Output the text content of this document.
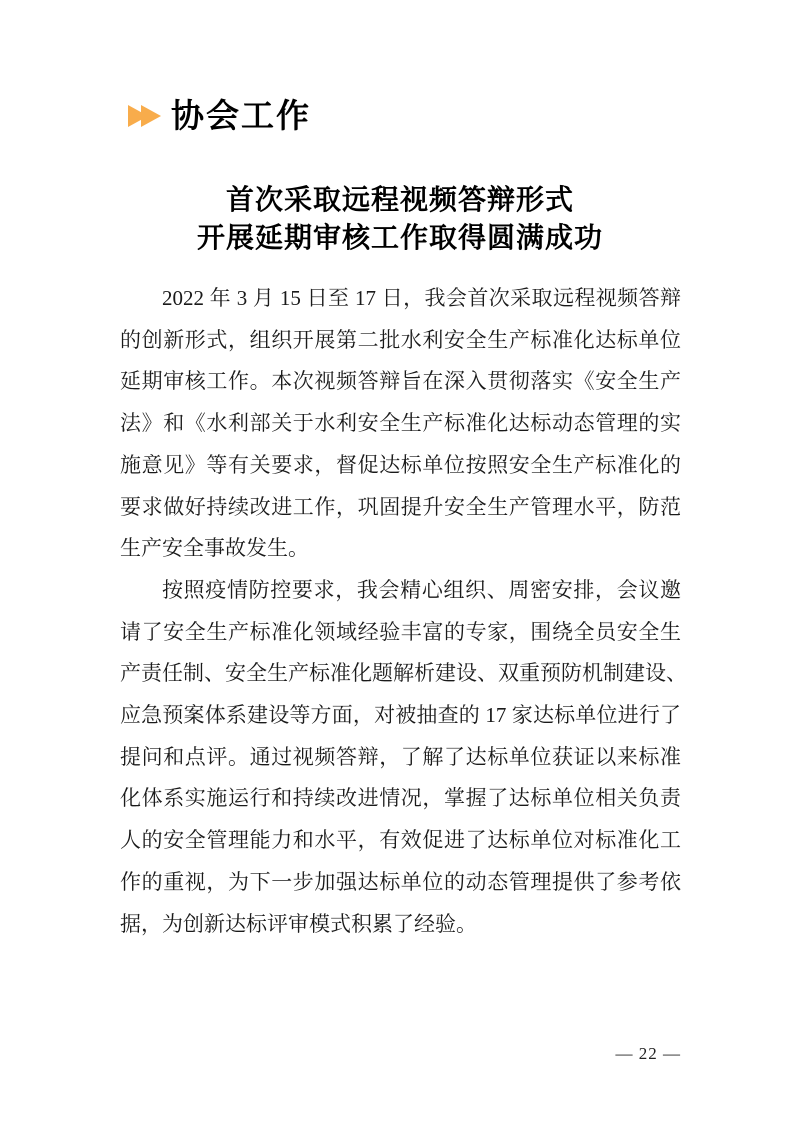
协会工作
首次采取远程视频答辩形式
开展延期审核工作取得圆满成功
2022 年 3 月 15 日至 17 日，我会首次采取远程视频答辩
的创新形式，组织开展第二批水利安全生产标准化达标单位
延期审核工作。本次视频答辩旨在深入贯彻落实《安全生产
法》和《水利部关于水利安全生产标准化达标动态管理的实
施意见》等有关要求，督促达标单位按照安全生产标准化的
要求做好持续改进工作，巩固提升安全生产管理水平，防范
生产安全事故发生。
按照疫情防控要求，我会精心组织、周密安排，会议邀
请了安全生产标准化领域经验丰富的专家，围绕全员安全生
产责任制、安全生产标准化题解析建设、双重预防机制建设、
应急预案体系建设等方面，对被抽查的 17 家达标单位进行了
提问和点评。通过视频答辩，了解了达标单位获证以来标准
化体系实施运行和持续改进情况，掌握了达标单位相关负责
人的安全管理能力和水平，有效促进了达标单位对标准化工
作的重视，为下一步加强达标单位的动态管理提供了参考依
据，为创新达标评审模式积累了经验。
— 22 —
